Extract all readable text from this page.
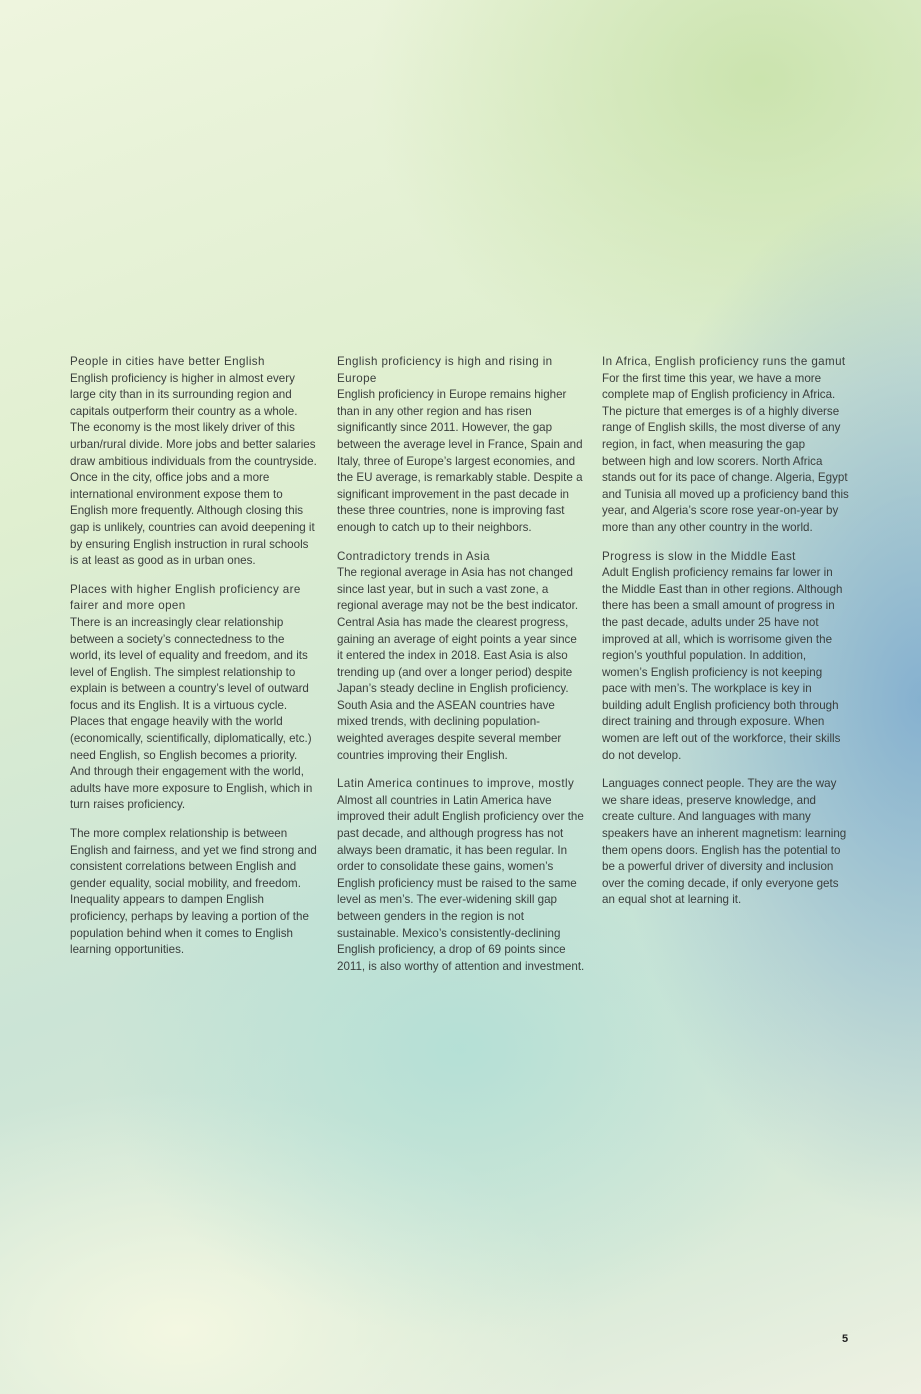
People in cities have better English

English proficiency is higher in almost every large city than in its surrounding region and capitals outperform their country as a whole. The economy is the most likely driver of this urban/rural divide. More jobs and better salaries draw ambitious individuals from the countryside. Once in the city, office jobs and a more international environment expose them to English more frequently. Although closing this gap is unlikely, countries can avoid deepening it by ensuring English instruction in rural schools is at least as good as in urban ones.

Places with higher English proficiency are fairer and more open

There is an increasingly clear relationship between a society’s connectedness to the world, its level of equality and freedom, and its level of English. The simplest relationship to explain is between a country’s level of outward focus and its English. It is a virtuous cycle. Places that engage heavily with the world (economically, scientifically, diplomatically, etc.) need English, so English becomes a priority. And through their engagement with the world, adults have more exposure to English, which in turn raises proficiency.

The more complex relationship is between English and fairness, and yet we find strong and consistent correlations between English and gender equality, social mobility, and freedom. Inequality appears to dampen English proficiency, perhaps by leaving a portion of the population behind when it comes to English learning opportunities.

English proficiency is high and rising in Europe

English proficiency in Europe remains higher than in any other region and has risen significantly since 2011. However, the gap between the average level in France, Spain and Italy, three of Europe’s largest economies, and the EU average, is remarkably stable. Despite a significant improvement in the past decade in these three countries, none is improving fast enough to catch up to their neighbors.

Contradictory trends in Asia

The regional average in Asia has not changed since last year, but in such a vast zone, a regional average may not be the best indicator. Central Asia has made the clearest progress, gaining an average of eight points a year since it entered the index in 2018. East Asia is also trending up (and over a longer period) despite Japan’s steady decline in English proficiency. South Asia and the ASEAN countries have mixed trends, with declining population-weighted averages despite several member countries improving their English.

Latin America continues to improve, mostly

Almost all countries in Latin America have improved their adult English proficiency over the past decade, and although progress has not always been dramatic, it has been regular. In order to consolidate these gains, women’s English proficiency must be raised to the same level as men’s. The ever-widening skill gap between genders in the region is not sustainable. Mexico’s consistently-declining English proficiency, a drop of 69 points since 2011, is also worthy of attention and investment.

In Africa, English proficiency runs the gamut

For the first time this year, we have a more complete map of English proficiency in Africa. The picture that emerges is of a highly diverse range of English skills, the most diverse of any region, in fact, when measuring the gap between high and low scorers. North Africa stands out for its pace of change. Algeria, Egypt and Tunisia all moved up a proficiency band this year, and Algeria’s score rose year-on-year by more than any other country in the world.

Progress is slow in the Middle East

Adult English proficiency remains far lower in the Middle East than in other regions. Although there has been a small amount of progress in the past decade, adults under 25 have not improved at all, which is worrisome given the region’s youthful population. In addition, women’s English proficiency is not keeping pace with men’s. The workplace is key in building adult English proficiency both through direct training and through exposure. When women are left out of the workforce, their skills do not develop.

Languages connect people. They are the way we share ideas, preserve knowledge, and create culture. And languages with many speakers have an inherent magnetism: learning them opens doors. English has the potential to be a powerful driver of diversity and inclusion over the coming decade, if only everyone gets an equal shot at learning it.

5
